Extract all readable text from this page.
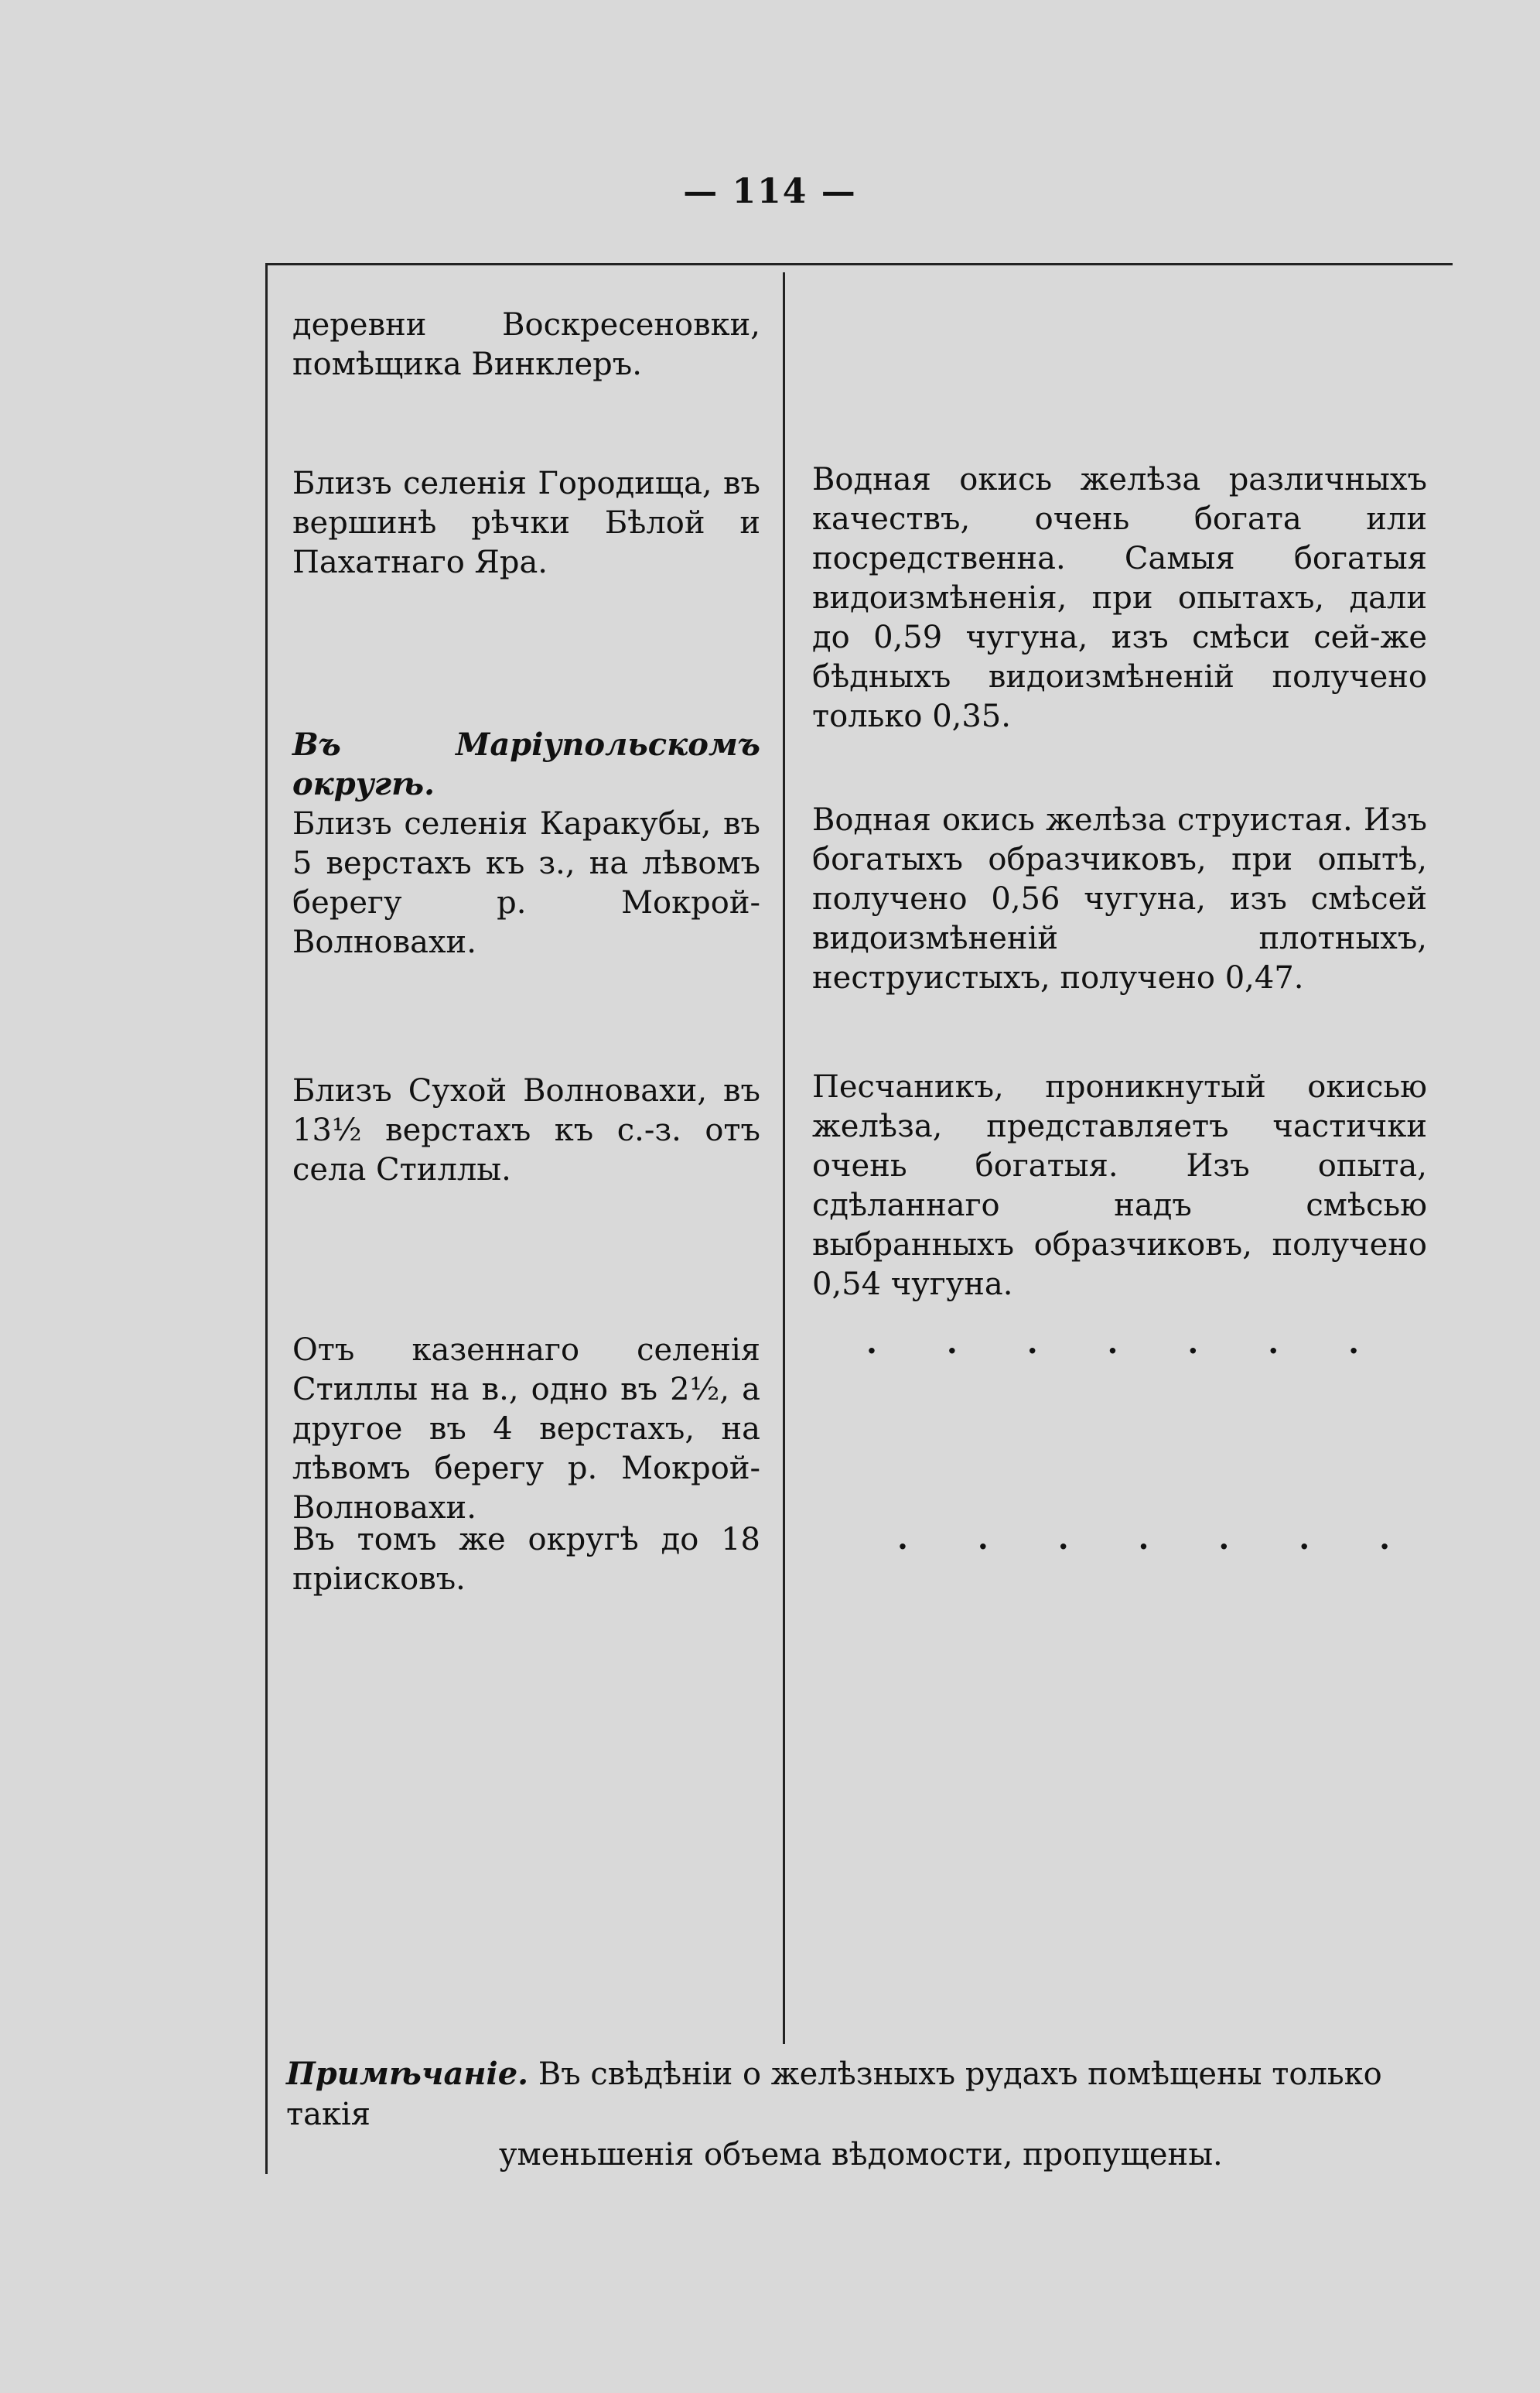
— 114 —
деревни Воскресеновки, помѣщика Винклеръ.
Близъ селенія Городища, въ вершинѣ рѣчки Бѣлой и Пахатнаго Яра.
Въ Маріупольскомъ округѣ.
Близъ селенія Каракубы, въ 5 верстахъ къ з., на лѣвомъ берегу р. Мокрой-Волновахи.
Близъ Сухой Волновахи, въ 13½ верстахъ къ с.-з. отъ села Стиллы.
Отъ казеннаго селенія Стиллы на в., одно въ 2½, а другое въ 4 верстахъ, на лѣвомъ берегу р. Мокрой-Волновахи.
Въ томъ же округѣ до 18 пріисковъ.
Водная окись желѣза различныхъ качествъ, очень богата или посредственна. Самыя богатыя видоизмѣненія, при опытахъ, дали до 0,59 чугуна, изъ смѣси сей-же бѣдныхъ видоизмѣненій получено только 0,35.
Водная окись желѣза струистая. Изъ богатыхъ образчиковъ, при опытѣ, получено 0,56 чугуна, изъ смѣсей видоизмѣненій плотныхъ, неструистыхъ, получено 0,47.
Песчаникъ, проникнутый окисью желѣза, представляетъ частички очень богатыя. Изъ опыта, сдѣланнаго надъ смѣсью выбранныхъ образчиковъ, получено 0,54 чугуна.
. . . . . . .
. . . . . . .
Примѣчаніе. Въ свѣдѣніи о желѣзныхъ рудахъ помѣщены только такія
уменьшенія объема вѣдомости, пропущены.
